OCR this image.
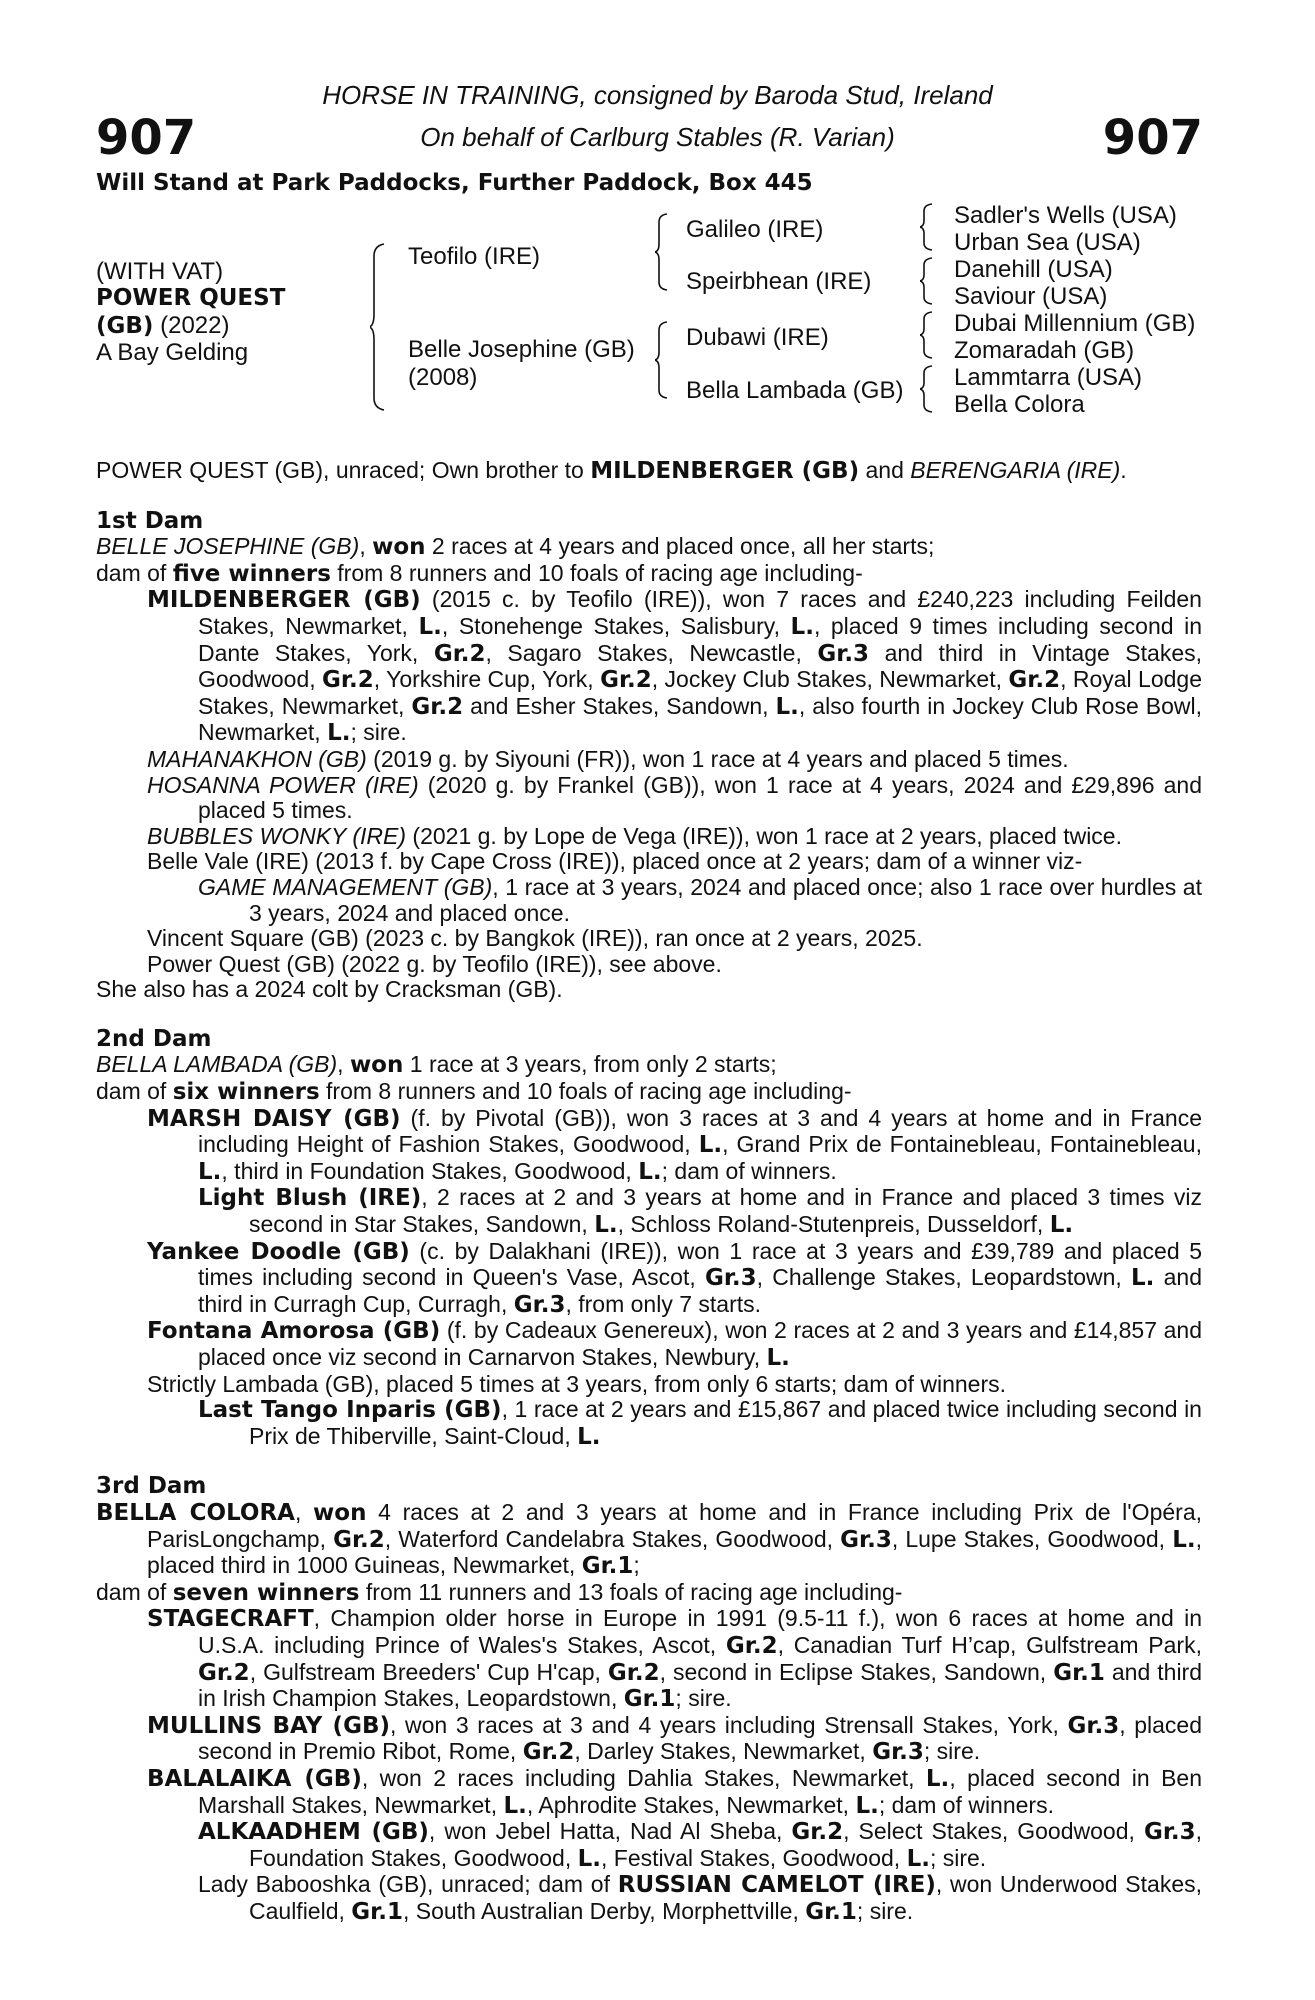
907	907
HORSE IN TRAINING, consigned by Baroda Stud, Ireland
On behalf of Carlburg Stables (R. Varian)
Will Stand at Park Paddocks, Further Paddock, Box 445
(WITH VAT)
POWER QUEST
(GB) (2022)
A Bay Gelding
Teofilo (IRE)
Belle Josephine (GB)
(2008)
Galileo (IRE)
Speirbhean (IRE)
Dubawi (IRE)
Bella Lambada (GB)
Sadler's Wells (USA)
Urban Sea (USA)
Danehill (USA)
Saviour (USA)
Dubai Millennium (GB)
Zomaradah (GB)
Lammtarra (USA)
Bella Colora

POWER QUEST (GB), unraced; Own brother to MILDENBERGER (GB) and BERENGARIA (IRE).

1st Dam

BELLE JOSEPHINE (GB), won 2 races at 4 years and placed once, all her starts;

dam of five winners from 8 runners and 10 foals of racing age including-

MILDENBERGER (GB) (2015 c. by Teofilo (IRE)), won 7 races and £240,223 including Feilden Stakes, Newmarket, L., Stonehenge Stakes, Salisbury, L., placed 9 times including second in Dante Stakes, York, Gr.2, Sagaro Stakes, Newcastle, Gr.3 and third in Vintage Stakes, Goodwood, Gr.2, Yorkshire Cup, York, Gr.2, Jockey Club Stakes, Newmarket, Gr.2, Royal Lodge Stakes, Newmarket, Gr.2 and Esher Stakes, Sandown, L., also fourth in Jockey Club Rose Bowl, Newmarket, L.; sire.

MAHANAKHON (GB) (2019 g. by Siyouni (FR)), won 1 race at 4 years and placed 5 times.

HOSANNA POWER (IRE) (2020 g. by Frankel (GB)), won 1 race at 4 years, 2024 and £29,896 and placed 5 times.

BUBBLES WONKY (IRE) (2021 g. by Lope de Vega (IRE)), won 1 race at 2 years, placed twice.

Belle Vale (IRE) (2013 f. by Cape Cross (IRE)), placed once at 2 years; dam of a winner viz-

GAME MANAGEMENT (GB), 1 race at 3 years, 2024 and placed once; also 1 race over hurdles at 3 years, 2024 and placed once.

Vincent Square (GB) (2023 c. by Bangkok (IRE)), ran once at 2 years, 2025.

Power Quest (GB) (2022 g. by Teofilo (IRE)), see above.

She also has a 2024 colt by Cracksman (GB).

2nd Dam

BELLA LAMBADA (GB), won 1 race at 3 years, from only 2 starts;

dam of six winners from 8 runners and 10 foals of racing age including-

MARSH DAISY (GB) (f. by Pivotal (GB)), won 3 races at 3 and 4 years at home and in France including Height of Fashion Stakes, Goodwood, L., Grand Prix de Fontainebleau, Fontainebleau, L., third in Foundation Stakes, Goodwood, L.; dam of winners.

Light Blush (IRE), 2 races at 2 and 3 years at home and in France and placed 3 times viz second in Star Stakes, Sandown, L., Schloss Roland-Stutenpreis, Dusseldorf, L.

Yankee Doodle (GB) (c. by Dalakhani (IRE)), won 1 race at 3 years and £39,789 and placed 5 times including second in Queen's Vase, Ascot, Gr.3, Challenge Stakes, Leopardstown, L. and third in Curragh Cup, Curragh, Gr.3, from only 7 starts.

Fontana Amorosa (GB) (f. by Cadeaux Genereux), won 2 races at 2 and 3 years and £14,857 and placed once viz second in Carnarvon Stakes, Newbury, L.

Strictly Lambada (GB), placed 5 times at 3 years, from only 6 starts; dam of winners.

Last Tango Inparis (GB), 1 race at 2 years and £15,867 and placed twice including second in Prix de Thiberville, Saint-Cloud, L.

3rd Dam

BELLA COLORA, won 4 races at 2 and 3 years at home and in France including Prix de l'Opéra, ParisLongchamp, Gr.2, Waterford Candelabra Stakes, Goodwood, Gr.3, Lupe Stakes, Goodwood, L., placed third in 1000 Guineas, Newmarket, Gr.1;

dam of seven winners from 11 runners and 13 foals of racing age including-

STAGECRAFT, Champion older horse in Europe in 1991 (9.5-11 f.), won 6 races at home and in U.S.A. including Prince of Wales's Stakes, Ascot, Gr.2, Canadian Turf H’cap, Gulfstream Park, Gr.2, Gulfstream Breeders' Cup H'cap, Gr.2, second in Eclipse Stakes, Sandown, Gr.1 and third in Irish Champion Stakes, Leopardstown, Gr.1; sire.

MULLINS BAY (GB), won 3 races at 3 and 4 years including Strensall Stakes, York, Gr.3, placed second in Premio Ribot, Rome, Gr.2, Darley Stakes, Newmarket, Gr.3; sire.

BALALAIKA (GB), won 2 races including Dahlia Stakes, Newmarket, L., placed second in Ben Marshall Stakes, Newmarket, L., Aphrodite Stakes, Newmarket, L.; dam of winners.

ALKAADHEM (GB), won Jebel Hatta, Nad Al Sheba, Gr.2, Select Stakes, Goodwood, Gr.3, Foundation Stakes, Goodwood, L., Festival Stakes, Goodwood, L.; sire.

Lady Babooshka (GB), unraced; dam of RUSSIAN CAMELOT (IRE), won Underwood Stakes, Caulfield, Gr.1, South Australian Derby, Morphettville, Gr.1; sire.
